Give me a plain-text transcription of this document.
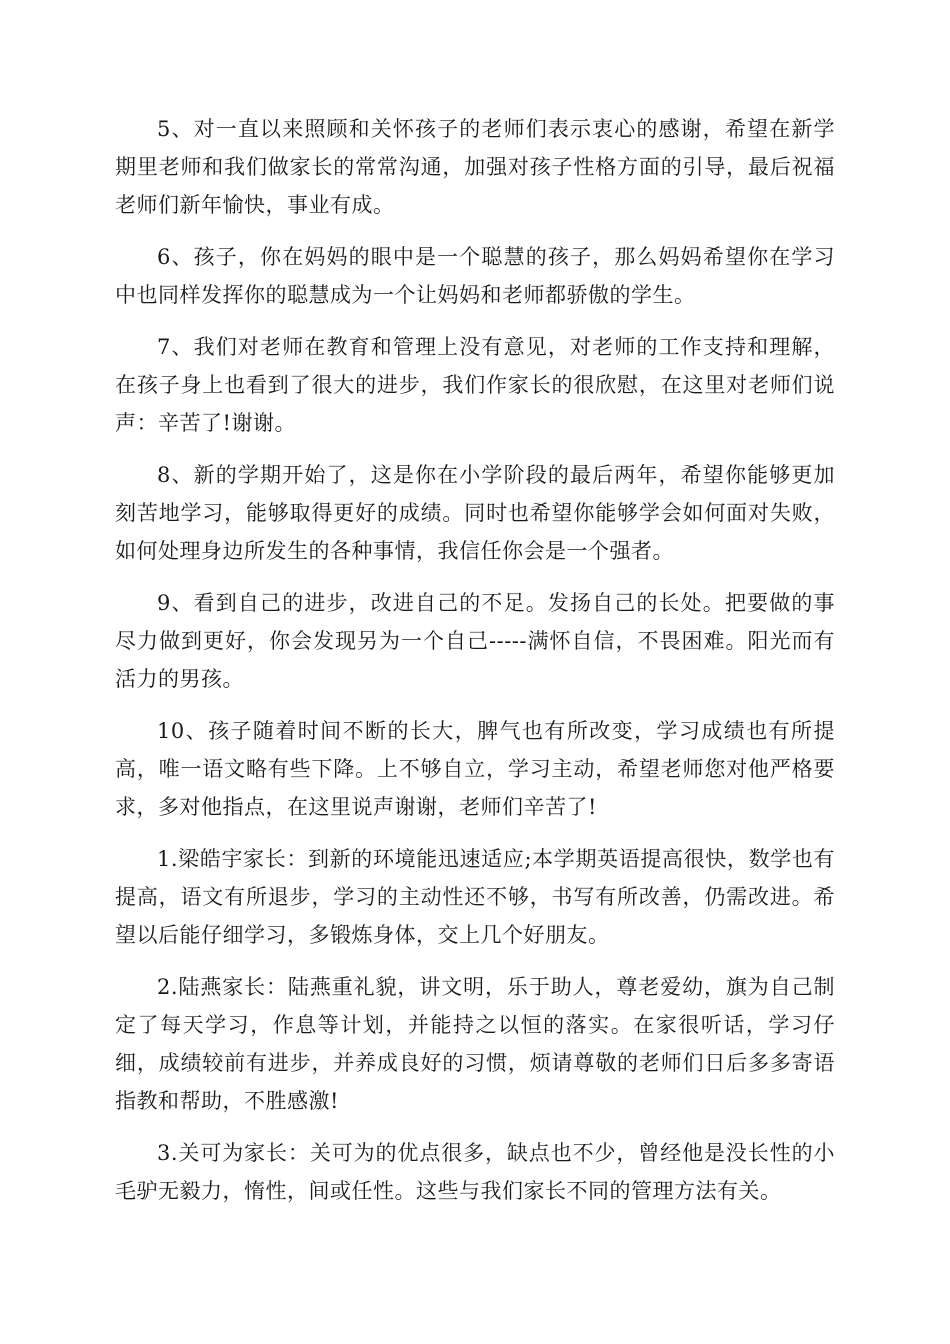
5、对一直以来照顾和关怀孩子的老师们表示衷心的感谢，希望在新学期里老师和我们做家长的常常沟通，加强对孩子性格方面的引导，最后祝福老师们新年愉快，事业有成。

6、孩子，你在妈妈的眼中是一个聪慧的孩子，那么妈妈希望你在学习中也同样发挥你的聪慧成为一个让妈妈和老师都骄傲的学生。

7、我们对老师在教育和管理上没有意见，对老师的工作支持和理解，在孩子身上也看到了很大的进步，我们作家长的很欣慰，在这里对老师们说声：辛苦了!谢谢。

8、新的学期开始了，这是你在小学阶段的最后两年，希望你能够更加刻苦地学习，能够取得更好的成绩。同时也希望你能够学会如何面对失败，如何处理身边所发生的各种事情，我信任你会是一个强者。

9、看到自己的进步，改进自己的不足。发扬自己的长处。把要做的事尽力做到更好，你会发现另为一个自己-----满怀自信，不畏困难。阳光而有活力的男孩。

10、孩子随着时间不断的长大，脾气也有所改变，学习成绩也有所提高，唯一语文略有些下降。上不够自立，学习主动，希望老师您对他严格要求，多对他指点，在这里说声谢谢，老师们辛苦了!

1.梁皓宇家长：到新的环境能迅速适应;本学期英语提高很快，数学也有提高，语文有所退步，学习的主动性还不够，书写有所改善，仍需改进。希望以后能仔细学习，多锻炼身体，交上几个好朋友。

2.陆燕家长：陆燕重礼貌，讲文明，乐于助人，尊老爱幼，旗为自己制定了每天学习，作息等计划，并能持之以恒的落实。在家很听话，学习仔细，成绩较前有进步，并养成良好的习惯，烦请尊敬的老师们日后多多寄语指教和帮助，不胜感激!

3.关可为家长：关可为的优点很多，缺点也不少，曾经他是没长性的小毛驴无毅力，惰性，间或任性。这些与我们家长不同的管理方法有关。
